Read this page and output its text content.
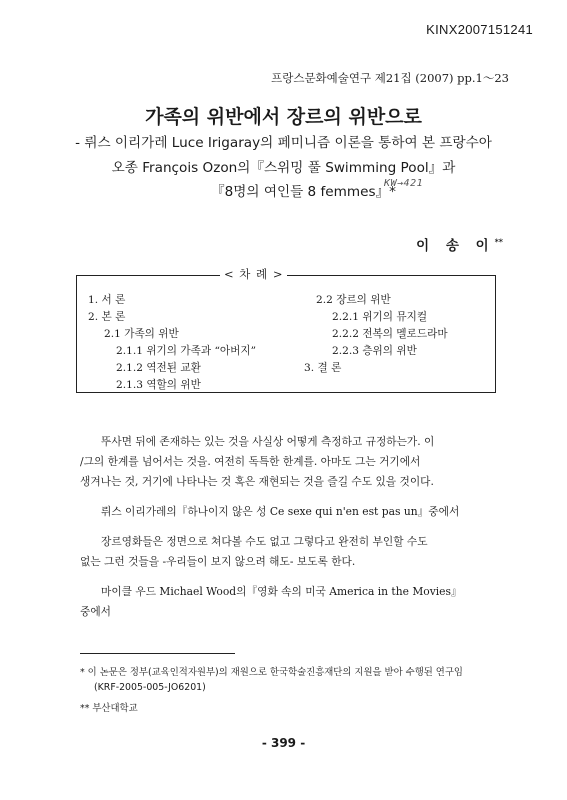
KINX2007151241
프랑스문화예술연구 제21집 (2007) pp.1～23
가족의 위반에서 장르의 위반으로
- 뤼스 이리가레 Luce Irigaray의 페미니즘 이론을 통하여 본 프랑수아
오종 François Ozon의『스위밍 풀 Swimming Pool』과
『8명의 여인들 8 femmes』*
KW→421
이 송 이**
< 차 례 >
1. 서 론
2. 본 론
2.1 가족의 위반
2.1.1 위기의 가족과 “아버지”
2.1.2 역전된 교환
2.1.3 역할의 위반
2.2 장르의 위반
2.2.1 위기의 뮤지컬
2.2.2 전복의 멜로드라마
2.2.3 층위의 위반
3. 결 론
뚜사면 뒤에 존재하는 있는 것을 사실상 어떻게 측정하고 규정하는가. 이
/그의 한계를 넘어서는 것을. 여전히 독특한 한계를. 아마도 그는 거기에서
생겨나는 것, 거기에 나타나는 것 혹은 재현되는 것을 즐길 수도 있을 것이다.
뤼스 이리가레의『하나이지 않은 성 Ce sexe qui n'en est pas un』중에서
장르영화들은 정면으로 쳐다볼 수도 없고 그렇다고 완전히 부인할 수도
없는 그런 것들을 -우리들이 보지 않으려 해도- 보도록 한다.
마이클 우드 Michael Wood의『영화 속의 미국 America in the Movies』
중에서
* 이 논문은 정부(교육인적자원부)의 재원으로 한국학술진흥재단의 지원을 받아 수행된 연구임
(KRF-2005-005-JO6201)
** 부산대학교
- 399 -
